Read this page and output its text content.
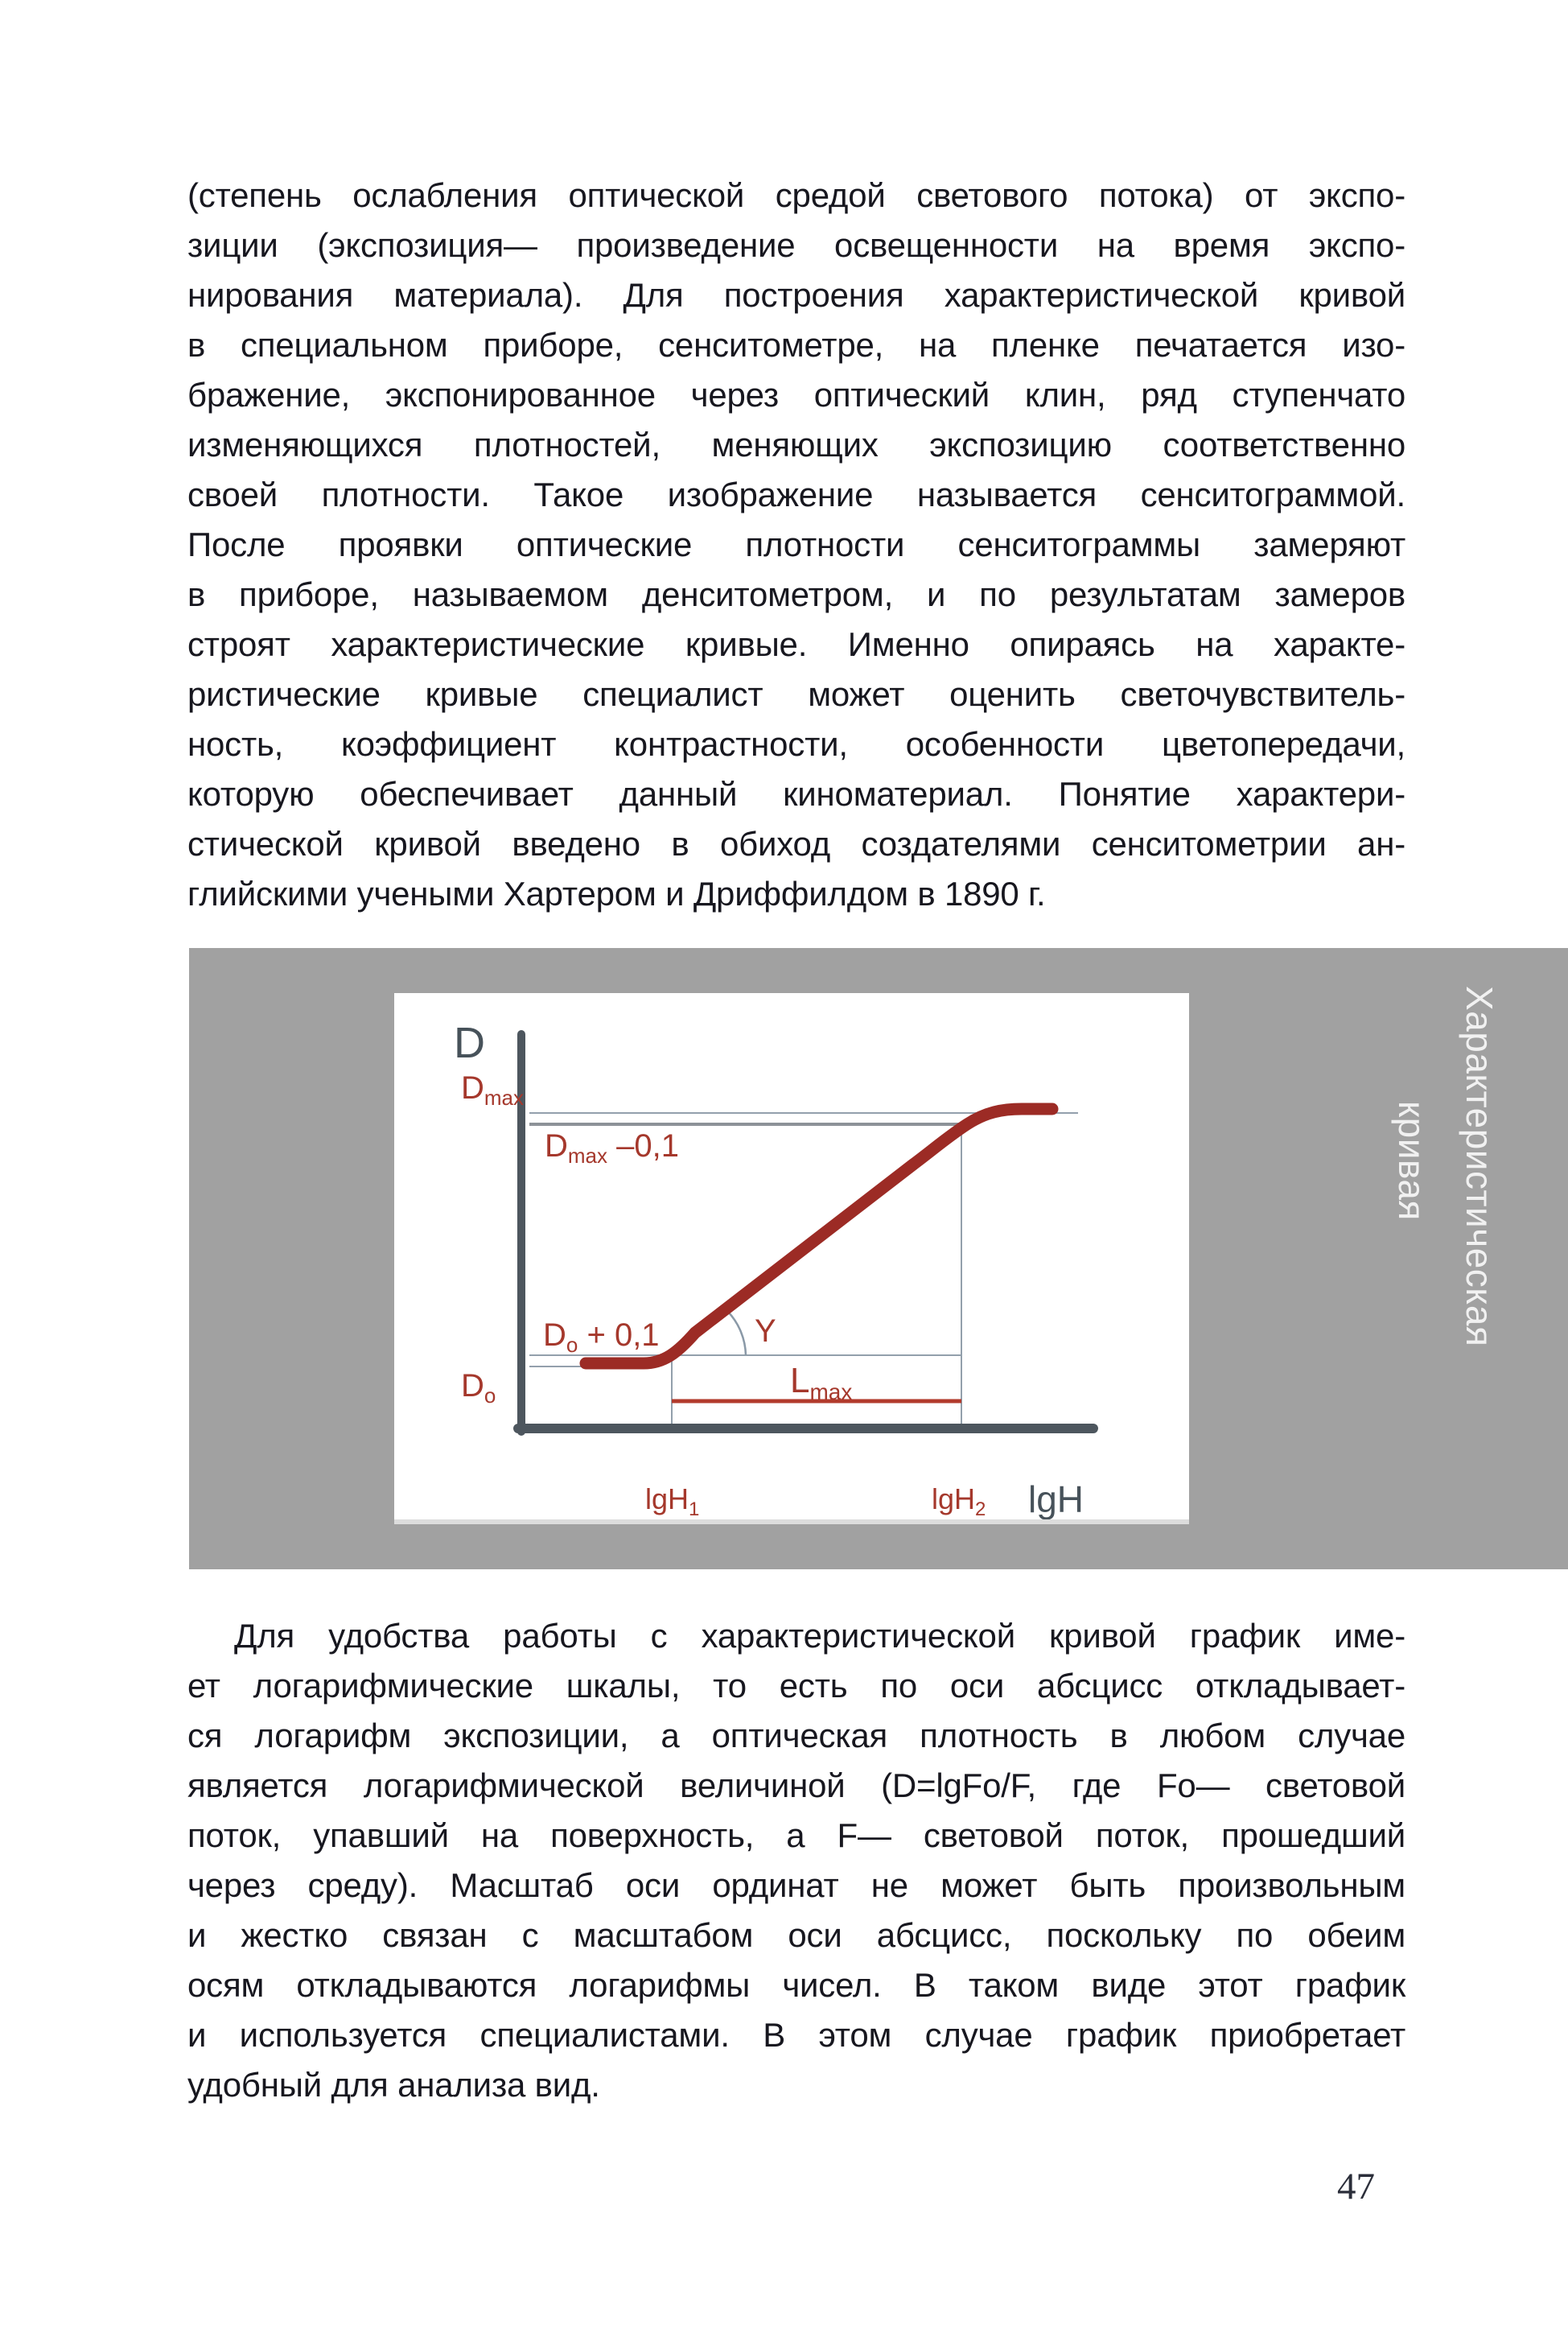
(степень ослабления оптической средой светового потока) от экспо-
зиции (экспозиция— произведение освещенности на время экспо-
нирования материала). Для построения характеристической кривой
в специальном приборе, сенситометре, на пленке печатается изо-
бражение, экспонированное через оптический клин, ряд ступенчато
изменяющихся плотностей, меняющих экспозицию соответственно
своей плотности. Такое изображение называется сенситограммой.
После проявки оптические плотности сенситограммы замеряют
в приборе, называемом денситометром, и по результатам замеров
строят характеристические кривые. Именно опираясь на характе-
ристические кривые специалист может оценить светочувствитель-
ность, коэффициент контрастности, особенности цветопередачи,
которую обеспечивает данный киноматериал. Понятие характери-
стической кривой введено в обиход создателями сенситометрии ан-
глийскими учеными Хартером и Дриффилдом в 1890 г.
D
$D_{max}$
$D_{max}$ –0,1
$D_o + 0,1$	Y
$D_o$	$L_{max}$
lgH$_1$	lgH$_2$ lgH
Характеристическая
кривая
Для удобства работы с характеристической кривой график име-
ет логарифмические шкалы, то есть по оси абсцисс откладывает-
ся логарифм экспозиции, а оптическая плотность в любом случае
является логарифмической величиной (D=lgFo/F, где Fo— световой
поток, упавший на поверхность, а F— световой поток, прошедший
через среду). Масштаб оси ординат не может быть произвольным
и жестко связан с масштабом оси абсцисс, поскольку по обеим
осям откладываются логарифмы чисел. В таком виде этот график
и используется специалистами. В этом случае график приобретает
удобный для анализа вид.
47
